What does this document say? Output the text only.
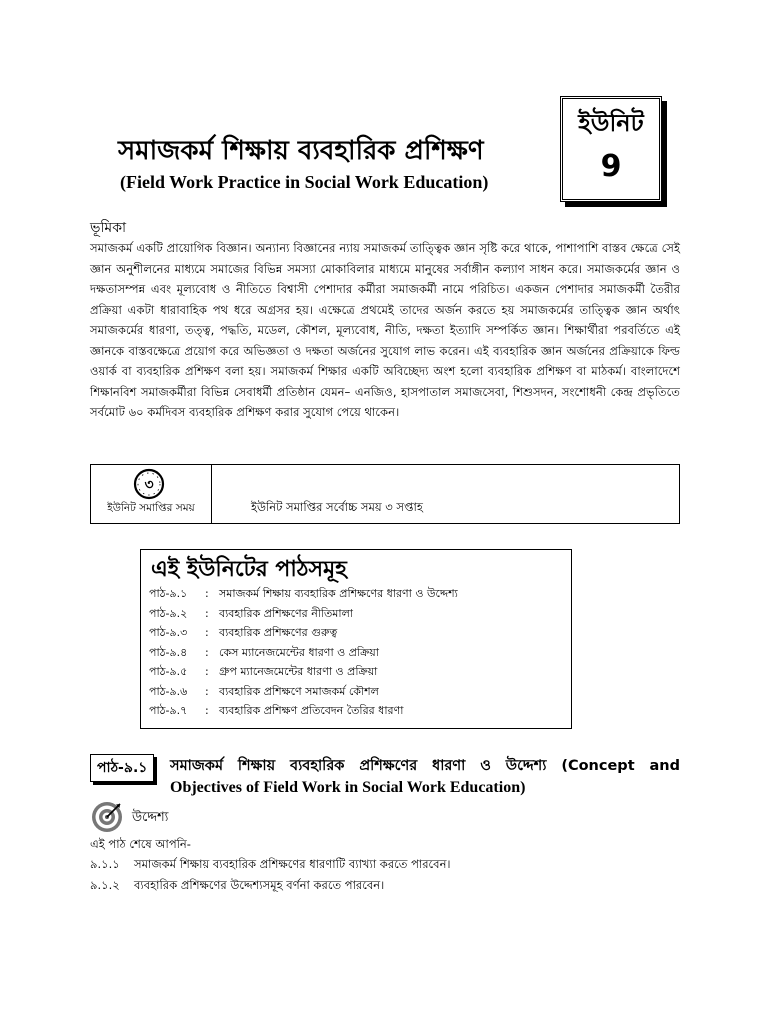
ইউনিট
9
সমাজকর্ম শিক্ষায় ব্যবহারিক প্রশিক্ষণ
(Field Work Practice in Social Work Education)
ভূমিকা
সমাজকর্ম একটি প্রায়োগিক বিজ্ঞান। অন্যান্য বিজ্ঞানের ন্যায় সমাজকর্ম তাত্ত্বিক জ্ঞান সৃষ্টি করে থাকে, পাশাপাশি বাস্তব ক্ষেত্রে সেই জ্ঞান অনুশীলনের মাধ্যমে সমাজের বিভিন্ন সমস্যা মোকাবিলার মাধ্যমে মানুষের সর্বাঙ্গীন কল্যাণ সাধন করে। সমাজকর্মের জ্ঞান ও দক্ষতাসম্পন্ন এবং মূল্যবোধ ও নীতিতে বিশ্বাসী পেশাদার কর্মীরা সমাজকর্মী নামে পরিচিত। একজন পেশাদার সমাজকর্মী তৈরীর প্রক্রিয়া একটা ধারাবাহিক পথ ধরে অগ্রসর হয়। এক্ষেত্রে প্রথমেই তাদের অর্জন করতে হয় সমাজকর্মের তাত্ত্বিক জ্ঞান অর্থাৎ সমাজকর্মের ধারণা, তত্ত্ব, পদ্ধতি, মডেল, কৌশল, মূল্যবোধ, নীতি, দক্ষতা ইত্যাদি সম্পর্কিত জ্ঞান। শিক্ষার্থীরা পরবর্তিতে এই জ্ঞানকে বাস্তবক্ষেত্রে প্রয়োগ করে অভিজ্ঞতা ও দক্ষতা অর্জনের সুযোগ লাভ করেন। এই ব্যবহারিক জ্ঞান অর্জনের প্রক্রিয়াকে ফিল্ড ওয়ার্ক বা ব্যবহারিক প্রশিক্ষণ বলা হয়। সমাজকর্ম শিক্ষার একটি অবিচ্ছেদ্য অংশ হলো ব্যবহারিক প্রশিক্ষণ বা মাঠকর্ম। বাংলাদেশে শিক্ষানবিশ সমাজকর্মীরা বিভিন্ন সেবাধর্মী প্রতিষ্ঠান যেমন– এনজিও, হাসপাতাল সমাজসেবা, শিশুসদন, সংশোধনী কেন্দ্র প্রভৃতিতে সর্বমোট ৬০ কর্মদিবস ব্যবহারিক প্রশিক্ষণ করার সুযোগ পেয়ে থাকেন।
৩
ইউনিট সমাপ্তির সময়	ইউনিট সমাপ্তির সর্বোচ্চ সময় ৩ সপ্তাহ
এই ইউনিটের পাঠসমূহ
পাঠ-৯.১ : সমাজকর্ম শিক্ষায় ব্যবহারিক প্রশিক্ষণের ধারণা ও উদ্দেশ্য
পাঠ-৯.২ : ব্যবহারিক প্রশিক্ষণের নীতিমালা
পাঠ-৯.৩ : ব্যবহারিক প্রশিক্ষণের গুরুত্ব
পাঠ-৯.৪ : কেস ম্যানেজমেন্টের ধারণা ও প্রক্রিয়া
পাঠ-৯.৫ : গ্রুপ ম্যানেজমেন্টের ধারণা ও প্রক্রিয়া
পাঠ-৯.৬ : ব্যবহারিক প্রশিক্ষণে সমাজকর্ম কৌশল
পাঠ-৯.৭ : ব্যবহারিক প্রশিক্ষণ প্রতিবেদন তৈরির ধারণা
পাঠ-৯.১	সমাজকর্ম শিক্ষায় ব্যবহারিক প্রশিক্ষণের ধারণা ও উদ্দেশ্য (Concept and
Objectives of Field Work in Social Work Education)
উদ্দেশ্য
এই পাঠ শেষে আপনি-
৯.১.১ সমাজকর্ম শিক্ষায় ব্যবহারিক প্রশিক্ষণের ধারণাটি ব্যাখ্যা করতে পারবেন।
৯.১.২ ব্যবহারিক প্রশিক্ষণের উদ্দেশ্যসমূহ বর্ণনা করতে পারবেন।
